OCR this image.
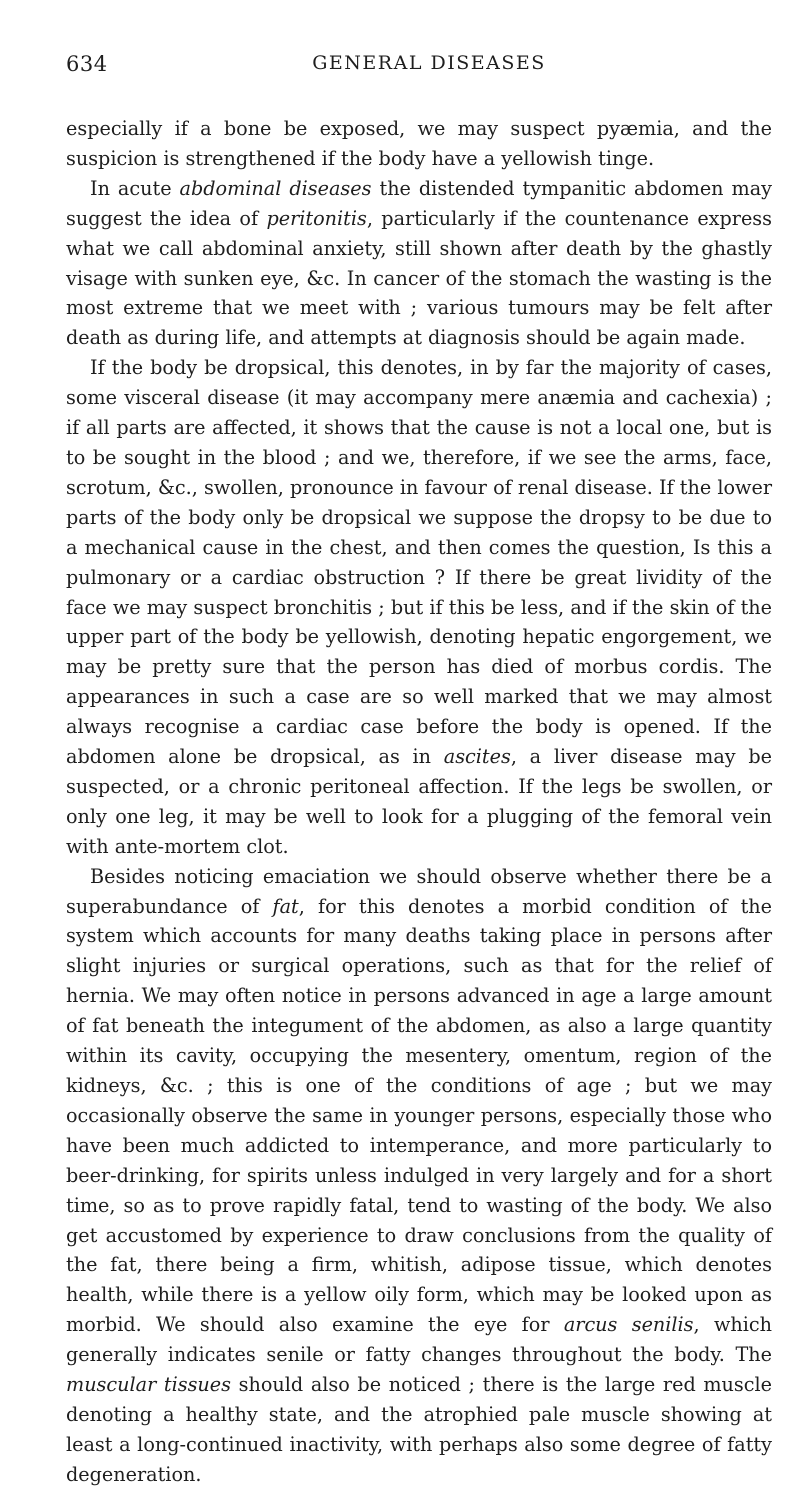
634	GENERAL DISEASES

especially if a bone be exposed, we may suspect pyæmia, and the suspicion is strengthened if the body have a yellowish tinge.

In acute abdominal diseases the distended tympanitic abdomen may suggest the idea of peritonitis, particularly if the countenance express what we call abdominal anxiety, still shown after death by the ghastly visage with sunken eye, &c. In cancer of the stomach the wasting is the most extreme that we meet with ; various tumours may be felt after death as during life, and attempts at diagnosis should be again made.

If the body be dropsical, this denotes, in by far the majority of cases, some visceral disease (it may accompany mere anæmia and cachexia) ; if all parts are affected, it shows that the cause is not a local one, but is to be sought in the blood ; and we, therefore, if we see the arms, face, scrotum, &c., swollen, pronounce in favour of renal disease. If the lower parts of the body only be dropsical we suppose the dropsy to be due to a mechanical cause in the chest, and then comes the question, Is this a pulmonary or a cardiac obstruction ? If there be great lividity of the face we may suspect bronchitis ; but if this be less, and if the skin of the upper part of the body be yellowish, denoting hepatic engorgement, we may be pretty sure that the person has died of morbus cordis. The appearances in such a case are so well marked that we may almost always recognise a cardiac case before the body is opened. If the abdomen alone be dropsical, as in ascites, a liver disease may be suspected, or a chronic peritoneal affection. If the legs be swollen, or only one leg, it may be well to look for a plugging of the femoral vein with ante-mortem clot.

Besides noticing emaciation we should observe whether there be a superabundance of fat, for this denotes a morbid condition of the system which accounts for many deaths taking place in persons after slight injuries or surgical operations, such as that for the relief of hernia. We may often notice in persons advanced in age a large amount of fat beneath the integument of the abdomen, as also a large quantity within its cavity, occupying the mesentery, omentum, region of the kidneys, &c. ; this is one of the conditions of age ; but we may occasionally observe the same in younger persons, especially those who have been much addicted to intemperance, and more particularly to beer-drinking, for spirits unless indulged in very largely and for a short time, so as to prove rapidly fatal, tend to wasting of the body. We also get accustomed by experience to draw conclusions from the quality of the fat, there being a firm, whitish, adipose tissue, which denotes health, while there is a yellow oily form, which may be looked upon as morbid. We should also examine the eye for arcus senilis, which generally indicates senile or fatty changes throughout the body. The muscular tissues should also be noticed ; there is the large red muscle denoting a healthy state, and the atrophied pale muscle showing at least a long-continued inactivity, with perhaps also some degree of fatty degeneration.
